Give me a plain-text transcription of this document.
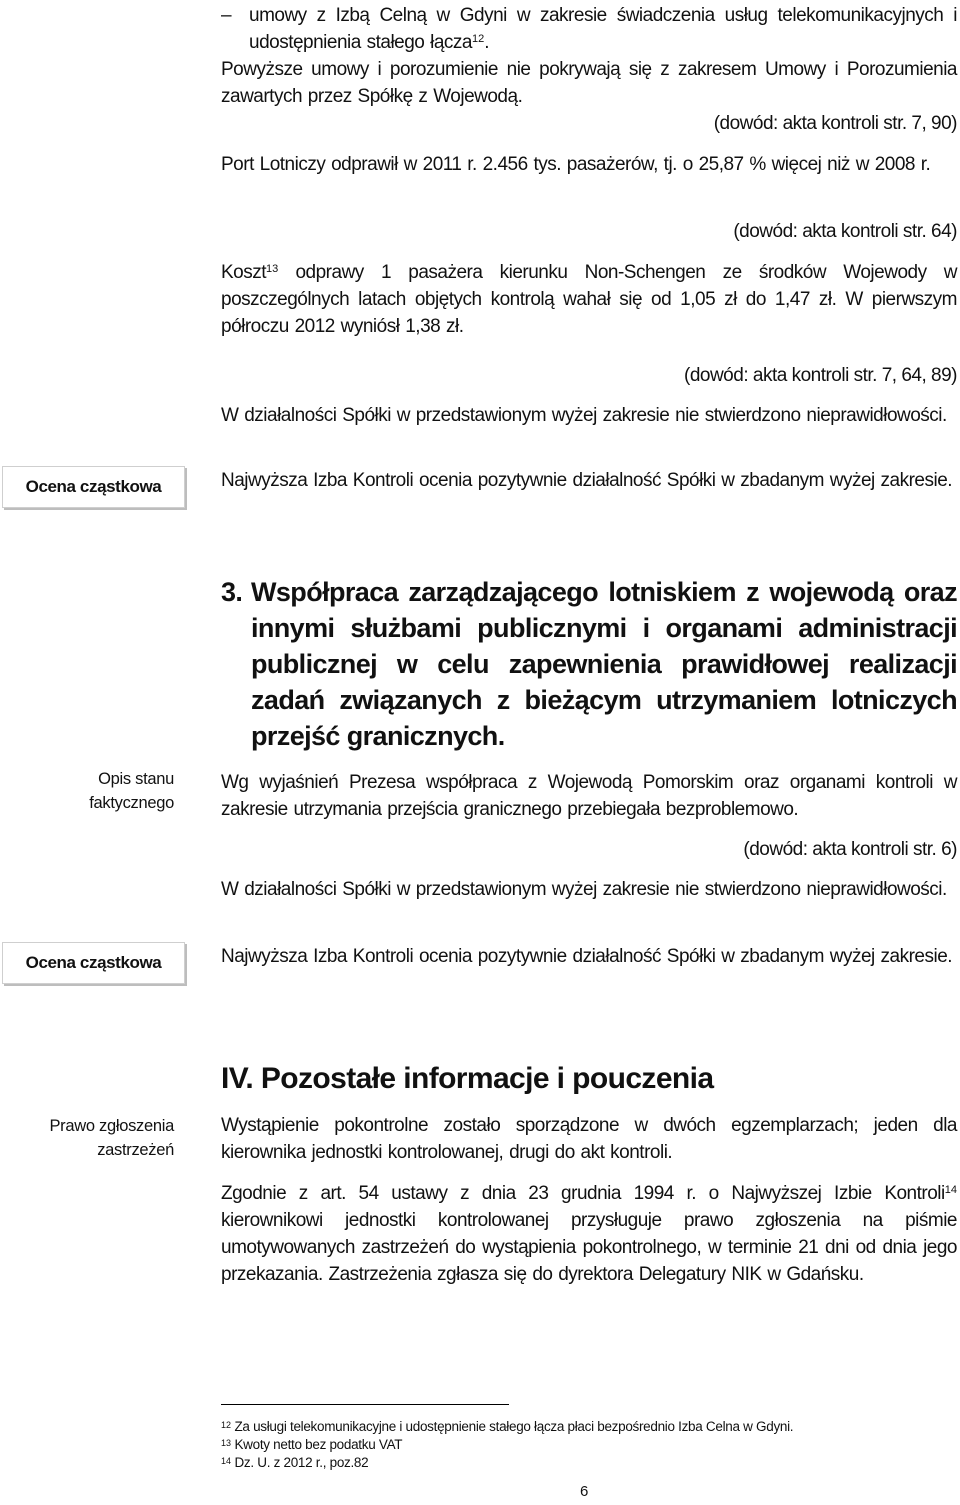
– umowy z Izbą Celną w Gdyni w zakresie świadczenia usług telekomunikacyjnych i udostępnienia stałego łącza$^{12}$.

Powyższe umowy i porozumienie nie pokrywają się z zakresem Umowy i Porozumienia zawartych przez Spółkę z Wojewodą.

(dowód: akta kontroli str. 7, 90)

Port Lotniczy odprawił w 2011 r. 2.456 tys. pasażerów, tj. o 25,87 % więcej niż w 2008 r.

(dowód: akta kontroli str. 64)

Koszt$^{13}$ odprawy 1 pasażera kierunku Non-Schengen ze środków Wojewody w poszczególnych latach objętych kontrolą wahał się od 1,05 zł do 1,47 zł. W pierwszym półroczu 2012 wyniósł 1,38 zł.

(dowód: akta kontroli str. 7, 64, 89)

W działalności Spółki w przedstawionym wyżej zakresie nie stwierdzono nieprawidłowości.

Ocena cząstkowa	Najwyższa Izba Kontroli ocenia pozytywnie działalność Spółki w zbadanym wyżej zakresie.

3. Współpraca zarządzającego lotniskiem z wojewodą oraz innymi służbami publicznymi i organami administracji publicznej w celu zapewnienia prawidłowej realizacji zadań związanych z bieżącym utrzymaniem lotniczych przejść granicznych.
Opis stanu
faktycznego

Wg wyjaśnień Prezesa współpraca z Wojewodą Pomorskim oraz organami kontroli w zakresie utrzymania przejścia granicznego przebiegała bezproblemowo.

(dowód: akta kontroli str. 6)

W działalności Spółki w przedstawionym wyżej zakresie nie stwierdzono nieprawidłowości.

Ocena cząstkowa	Najwyższa Izba Kontroli ocenia pozytywnie działalność Spółki w zbadanym wyżej zakresie.

IV. Pozostałe informacje i pouczenia
Prawo zgłoszenia
zastrzeżeń

Wystąpienie pokontrolne zostało sporządzone w dwóch egzemplarzach; jeden dla kierownika jednostki kontrolowanej, drugi do akt kontroli.

Zgodnie z art. 54 ustawy z dnia 23 grudnia 1994 r. o Najwyższej Izbie Kontroli$^{14}$ kierownikowi jednostki kontrolowanej przysługuje prawo zgłoszenia na piśmie umotywowanych zastrzeżeń do wystąpienia pokontrolnego, w terminie 21 dni od dnia jego przekazania. Zastrzeżenia zgłasza się do dyrektora Delegatury NIK w Gdańsku.

$^{12}$ Za usługi telekomunikacyjne i udostępnienie stałego łącza płaci bezpośrednio Izba Celna w Gdyni.
$^{13}$ Kwoty netto bez podatku VAT
$^{14}$ Dz. U. z 2012 r., poz.82
6
